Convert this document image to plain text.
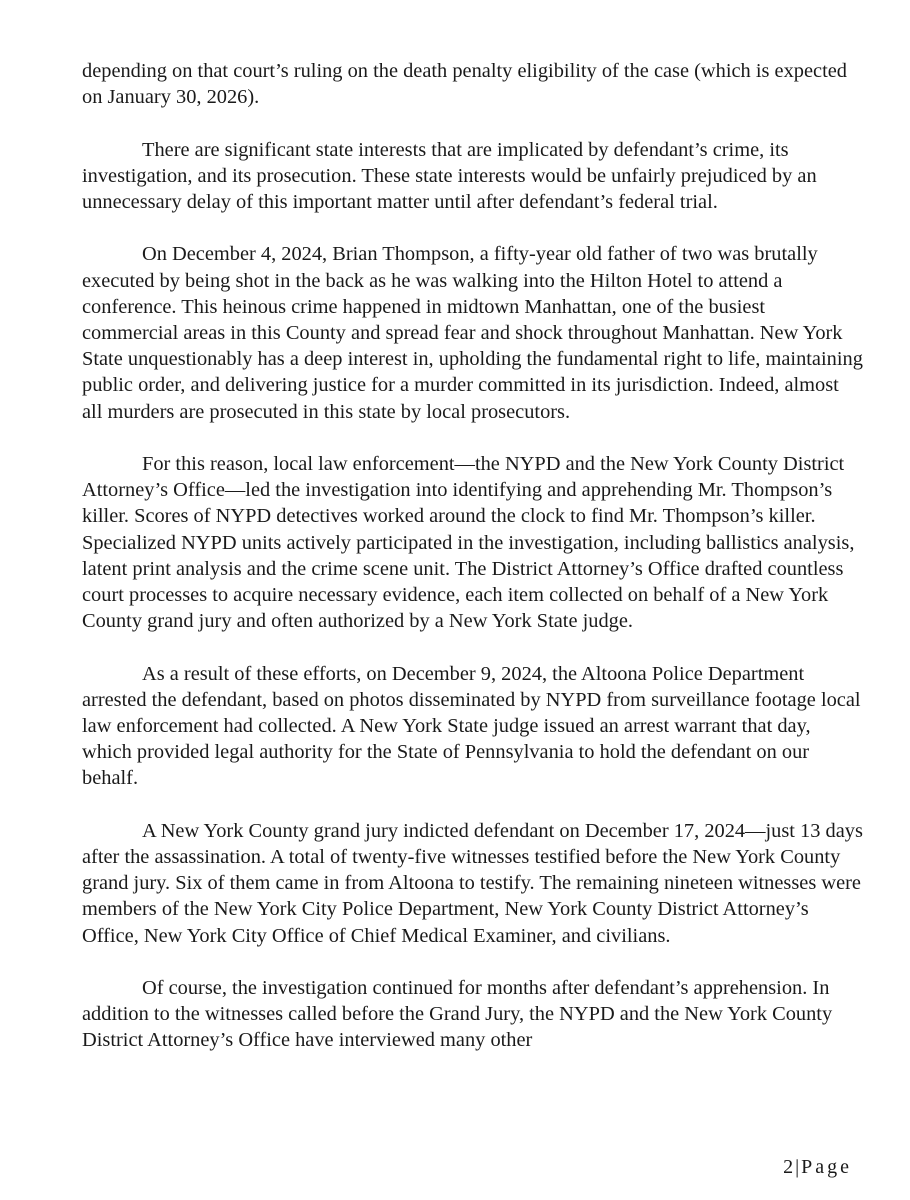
depending on that court’s ruling on the death penalty eligibility of the case (which is expected on January 30, 2026).

There are significant state interests that are implicated by defendant’s crime, its investigation, and its prosecution. These state interests would be unfairly prejudiced by an unnecessary delay of this important matter until after defendant’s federal trial.

On December 4, 2024, Brian Thompson, a fifty-year old father of two was brutally executed by being shot in the back as he was walking into the Hilton Hotel to attend a conference. This heinous crime happened in midtown Manhattan, one of the busiest commercial areas in this County and spread fear and shock throughout Manhattan. New York State unquestionably has a deep interest in, upholding the fundamental right to life, maintaining public order, and delivering justice for a murder committed in its jurisdiction. Indeed, almost all murders are prosecuted in this state by local prosecutors.

For this reason, local law enforcement—the NYPD and the New York County District Attorney’s Office—led the investigation into identifying and apprehending Mr. Thompson’s killer. Scores of NYPD detectives worked around the clock to find Mr. Thompson’s killer. Specialized NYPD units actively participated in the investigation, including ballistics analysis, latent print analysis and the crime scene unit. The District Attorney’s Office drafted countless court processes to acquire necessary evidence, each item collected on behalf of a New York County grand jury and often authorized by a New York State judge.

As a result of these efforts, on December 9, 2024, the Altoona Police Department arrested the defendant, based on photos disseminated by NYPD from surveillance footage local law enforcement had collected. A New York State judge issued an arrest warrant that day, which provided legal authority for the State of Pennsylvania to hold the defendant on our behalf.

A New York County grand jury indicted defendant on December 17, 2024—just 13 days after the assassination. A total of twenty-five witnesses testified before the New York County grand jury. Six of them came in from Altoona to testify. The remaining nineteen witnesses were members of the New York City Police Department, New York County District Attorney’s Office, New York City Office of Chief Medical Examiner, and civilians.

Of course, the investigation continued for months after defendant’s apprehension. In addition to the witnesses called before the Grand Jury, the NYPD and the New York County District Attorney’s Office have interviewed many other

2 | Page
